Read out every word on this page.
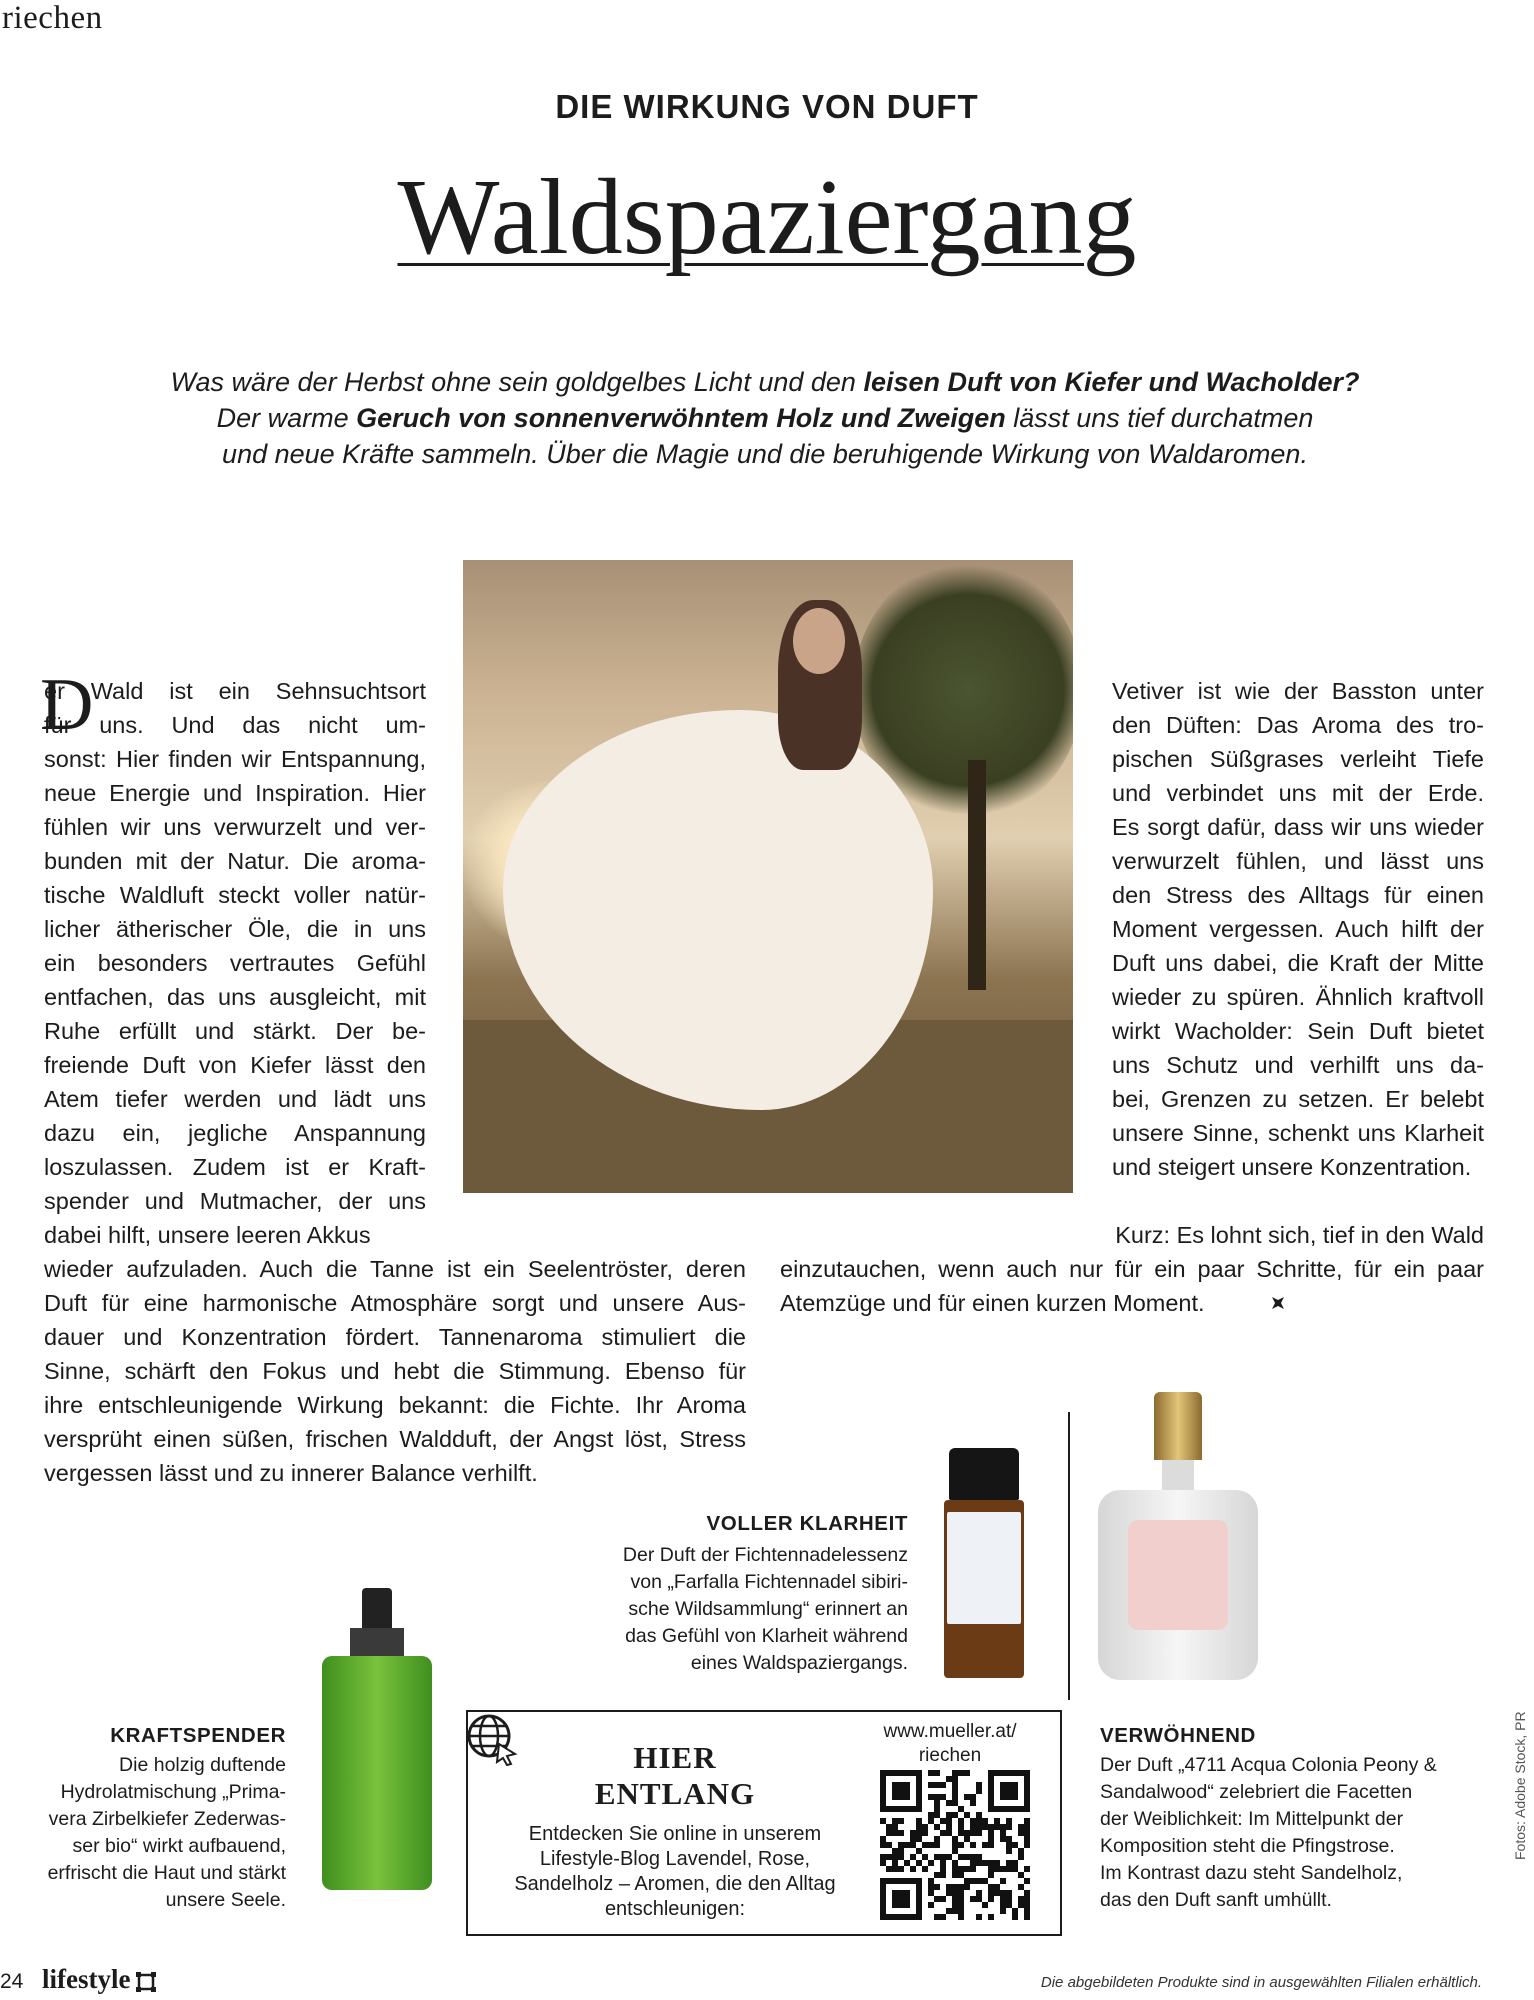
riechen
DIE WIRKUNG VON DUFT
Waldspaziergang
Was wäre der Herbst ohne sein goldgelbes Licht und den leisen Duft von Kiefer und Wacholder?
Der warme Geruch von sonnenverwöhntem Holz und Zweigen lässt uns tief durchatmen
und neue Kräfte sammeln. Über die Magie und die beruhigende Wirkung von Waldaromen.
D
er Wald ist ein Sehnsuchtsort
für uns. Und das nicht um-
sonst: Hier finden wir Entspannung,
neue Energie und Inspiration. Hier
fühlen wir uns verwurzelt und ver-
bunden mit der Natur. Die aroma-
tische Waldluft steckt voller natür-
licher ätherischer Öle, die in uns
ein besonders vertrautes Gefühl
entfachen, das uns ausgleicht, mit
Ruhe erfüllt und stärkt. Der be-
freiende Duft von Kiefer lässt den
Atem tiefer werden und lädt uns
dazu ein, jegliche Anspannung
loszulassen. Zudem ist er Kraft-
spender und Mutmacher, der uns
dabei hilft, unsere leeren Akkus
wieder aufzuladen. Auch die Tanne ist ein Seelentröster, deren
Duft für eine harmonische Atmosphäre sorgt und unsere Aus-
dauer und Konzentration fördert. Tannenaroma stimuliert die
Sinne, schärft den Fokus und hebt die Stimmung. Ebenso für
ihre entschleunigende Wirkung bekannt: die Fichte. Ihr Aroma
versprüht einen süßen, frischen Waldduft, der Angst löst, Stress
vergessen lässt und zu innerer Balance verhilft.
Vetiver ist wie der Basston unter
den Düften: Das Aroma des tro-
pischen Süßgrases verleiht Tiefe
und verbindet uns mit der Erde.
Es sorgt dafür, dass wir uns wieder
verwurzelt fühlen, und lässt uns
den Stress des Alltags für einen
Moment vergessen. Auch hilft der
Duft uns dabei, die Kraft der Mitte
wieder zu spüren. Ähnlich kraftvoll
wirkt Wacholder: Sein Duft bietet
uns Schutz und verhilft uns da-
bei, Grenzen zu setzen. Er belebt
unsere Sinne, schenkt uns Klarheit
und steigert unsere Konzentration.
Kurz: Es lohnt sich, tief in den Wald
einzutauchen, wenn auch nur für ein paar Schritte, für ein paar
Atemzüge und für einen kurzen Moment.
VOLLER KLARHEIT
Der Duft der Fichtennadelessenz
von „Farfalla Fichtennadel sibiri-
sche Wildsammlung“ erinnert an
das Gefühl von Klarheit während
eines Waldspaziergangs.
VERWÖHNEND
Der Duft „4711 Acqua Colonia Peony &
Sandalwood“ zelebriert die Facetten
der Weiblichkeit: Im Mittelpunkt der
Komposition steht die Pfingstrose.
Im Kontrast dazu steht Sandelholz,
das den Duft sanft umhüllt.
KRAFTSPENDER
Die holzig duftende
Hydrolatmischung „Prima-
vera Zirbelkiefer Zederwas-
ser bio“ wirkt aufbauend,
erfrischt die Haut und stärkt
unsere Seele.
HIER
ENTLANG
Entdecken Sie online in unserem Lifestyle-Blog Lavendel, Rose, Sandelholz – Aromen, die den Alltag entschleunigen:
www.mueller.at/
riechen	Fotos: Adobe Stock, PR
24 lifestyle	Die abgebildeten Produkte sind in ausgewählten Filialen erhältlich.
